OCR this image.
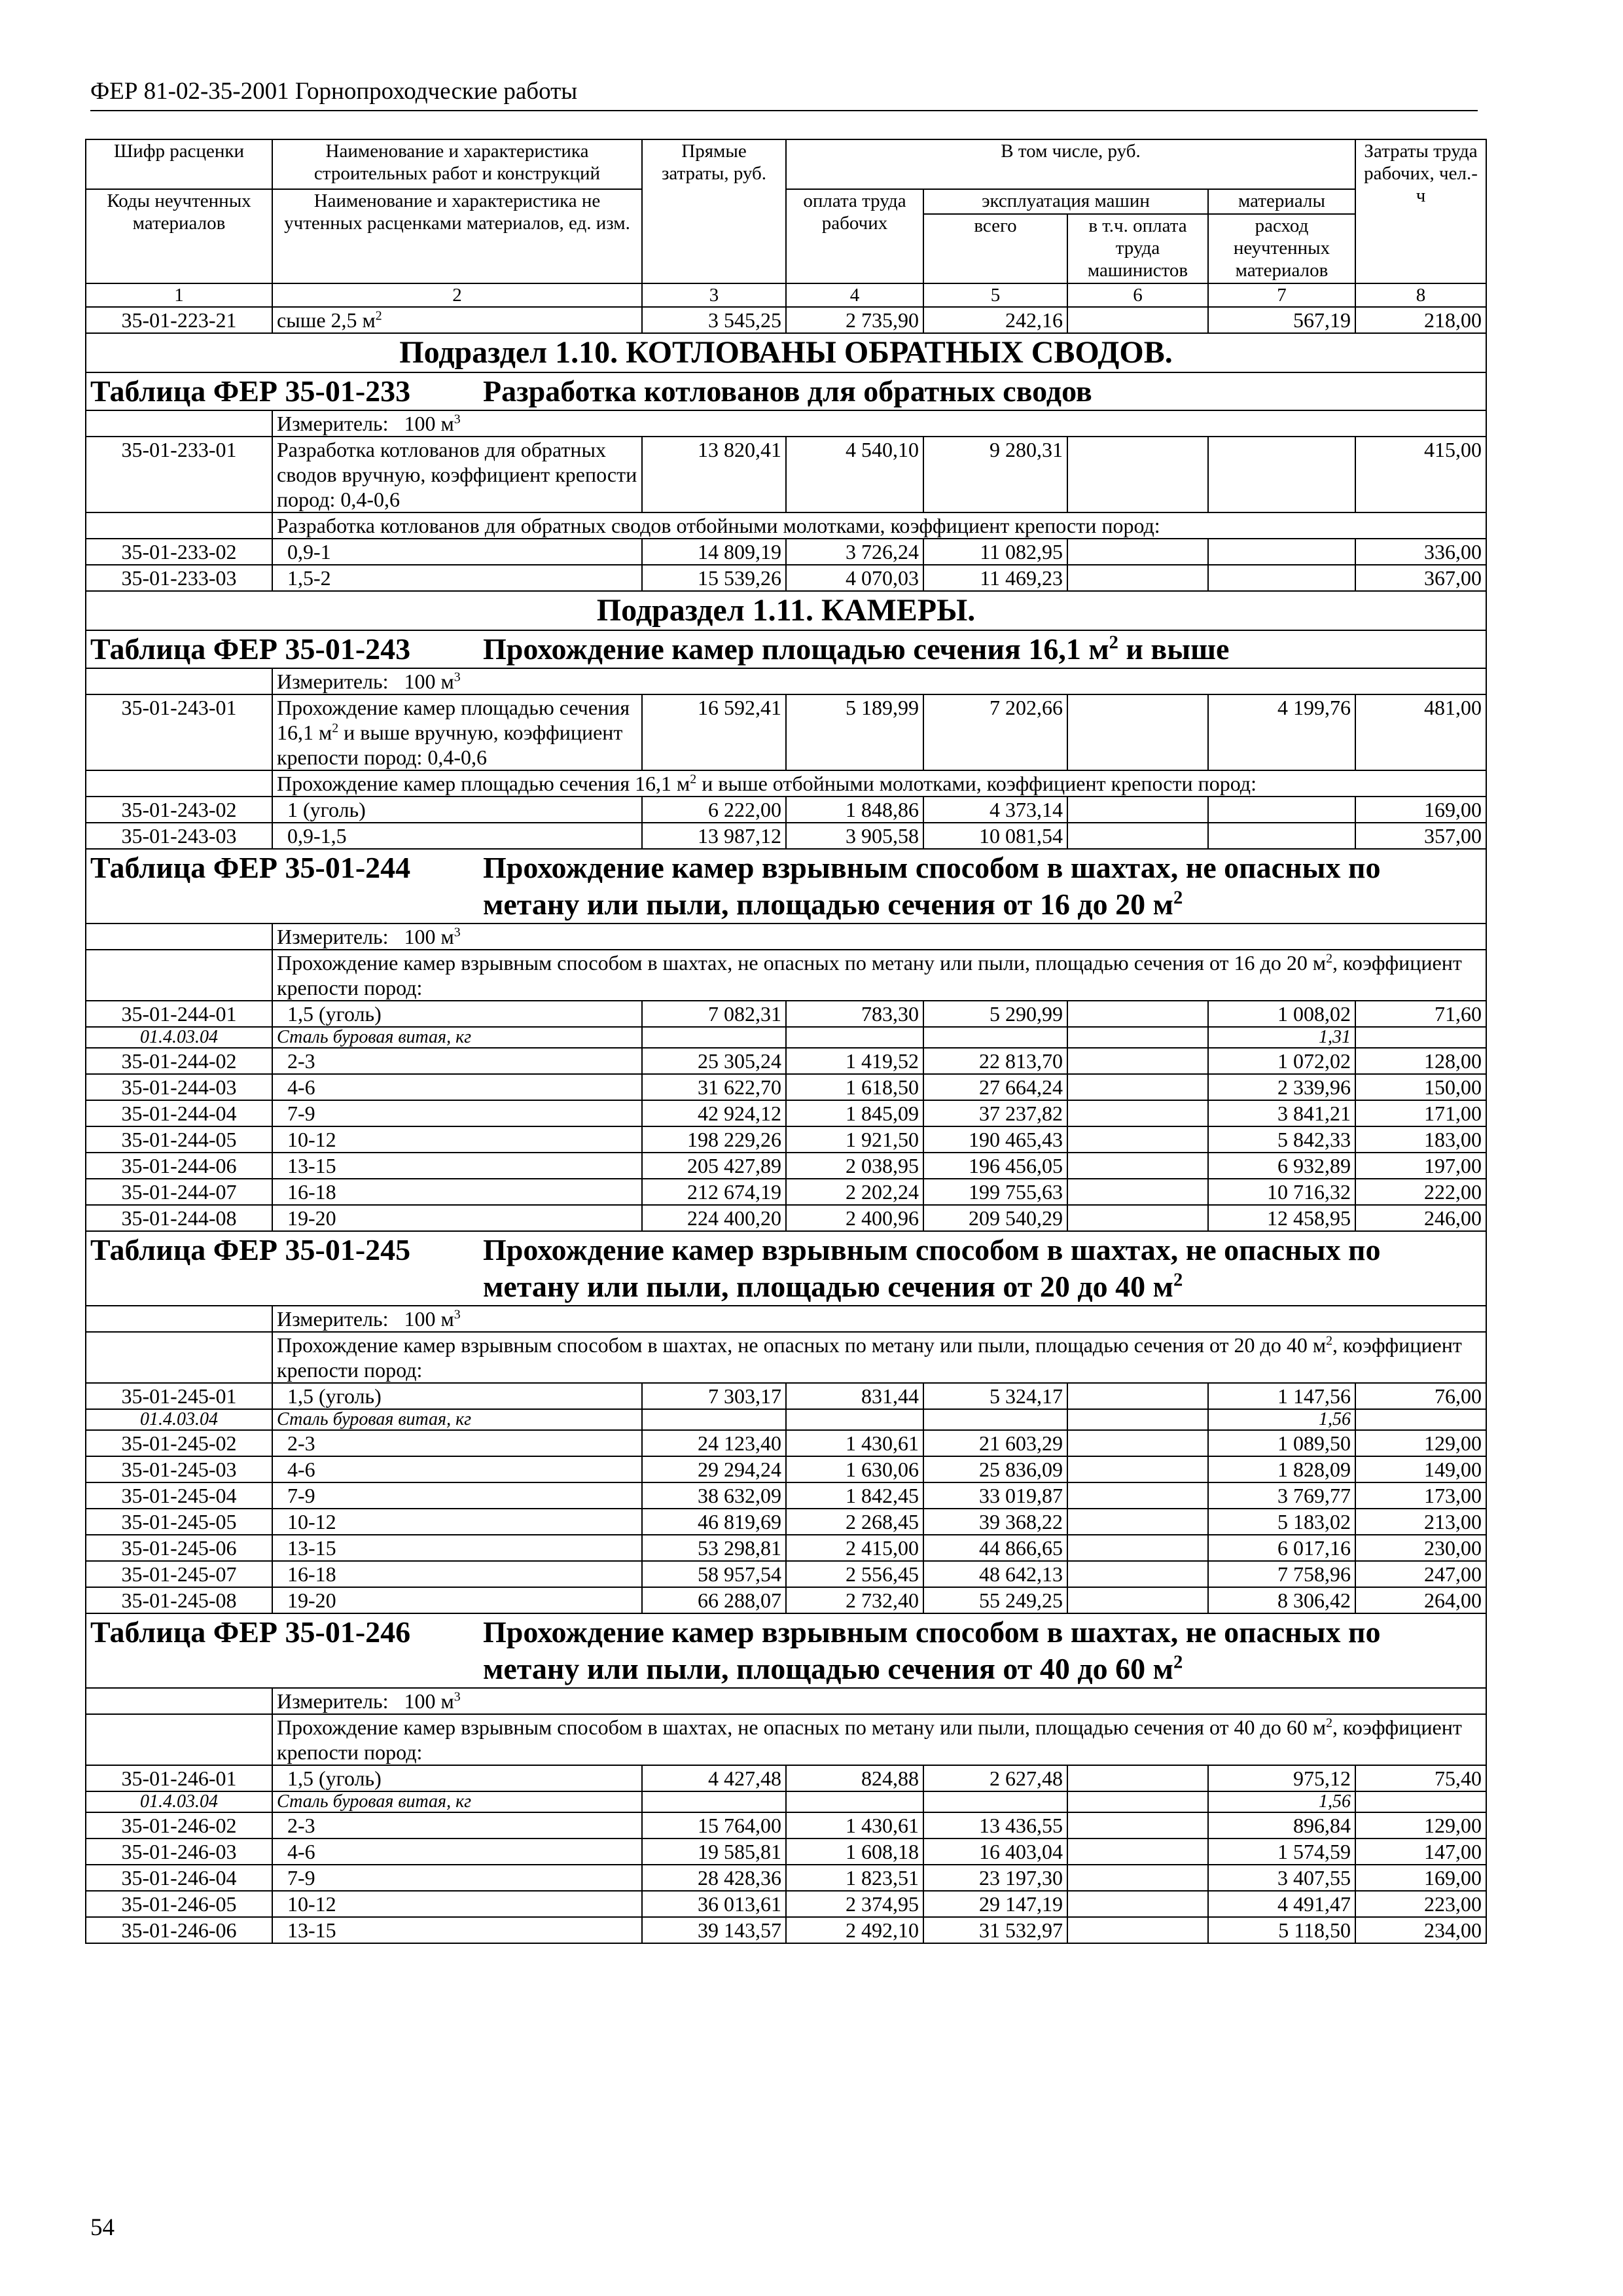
ФЕР 81-02-35-2001 Горнопроходческие работы
Шифр расценки	Наименование и характеристика строительных работ и конструкций	Прямые затраты, руб.	В том числе, руб.				Затраты труда рабочих, чел.-ч
Коды неучтенных материалов	Наименование и характеристика не учтенных расценками материалов, ед. изм.		оплата труда рабочих	эксплуатация машин		материалы	
				всего	в т.ч. оплата труда машинистов	расход неучтенных материалов	
1	2	3	4	5	6	7	8
35-01-223-21	сыше 2,5 $м^2$	3 545,25	2 735,90	242,16		567,19	218,00
Подраздел 1.10. КОТЛОВАНЫ ОБРАТНЫХ СВОДОВ.							
Таблица ФЕР 35-01-233 Разработка котлованов для обратных сводов							
	Измеритель: 100 $м^3$
35-01-233-01	Разработка котлованов для обратных сводов вручную, коэффициент крепости пород: 0,4-0,6	13 820,41	4 540,10	9 280,31			415,00
	Разработка котлованов для обратных сводов отбойными молотками, коэффициент крепости пород:						
35-01-233-02	0,9-1	14 809,19	3 726,24	11 082,95			336,00
35-01-233-03	1,5-2	15 539,26	4 070,03	11 469,23			367,00
Подраздел 1.11. КАМЕРЫ.							
Таблица ФЕР 35-01-243 Прохождение камер площадью сечения 16,1 $м^2$ и выше							
	Измеритель: 100 $м^3$
35-01-243-01	Прохождение камер площадью сечения 16,1 $м^2$ и выше вручную, коэффициент крепости пород: 0,4-0,6	16 592,41	5 189,99	7 202,66		4 199,76	481,00
	Прохождение камер площадью сечения 16,1 $м^2$ и выше отбойными молотками, коэффициент крепости пород:						
35-01-243-02	1 (уголь)	6 222,00	1 848,86	4 373,14			169,00
35-01-243-03	0,9-1,5	13 987,12	3 905,58	10 081,54			357,00
Таблица ФЕР 35-01-244 Прохождение камер взрывным способом в шахтах, не опасных по метану или пыли, площадью сечения от 16 до 20 $м^2$
	Измеритель: 100 $м^3$
	Прохождение камер взрывным способом в шахтах, не опасных по метану или пыли, площадью сечения от 16 до 20 $м^2$, коэффициент крепости пород:						
35-01-244-01	1,5 (уголь)	7 082,31	783,30	5 290,99		1 008,02	71,60
01.4.03.04	Сталь буровая витая, кг					1,31	
35-01-244-02	2-3	25 305,24	1 419,52	22 813,70		1 072,02	128,00
35-01-244-03	4-6	31 622,70	1 618,50	27 664,24		2 339,96	150,00
35-01-244-04	7-9	42 924,12	1 845,09	37 237,82		3 841,21	171,00
35-01-244-05	10-12	198 229,26	1 921,50	190 465,43		5 842,33	183,00
35-01-244-06	13-15	205 427,89	2 038,95	196 456,05		6 932,89	197,00
35-01-244-07	16-18	212 674,19	2 202,24	199 755,63		10 716,32	222,00
35-01-244-08	19-20	224 400,20	2 400,96	209 540,29		12 458,95	246,00
Таблица ФЕР 35-01-245 Прохождение камер взрывным способом в шахтах, не опасных по метану или пыли, площадью сечения от 20 до 40 $м^2$
	Измеритель: 100 $м^3$
	Прохождение камер взрывным способом в шахтах, не опасных по метану или пыли, площадью сечения от 20 до 40 $м^2$, коэффициент крепости пород:						
35-01-245-01	1,5 (уголь)	7 303,17	831,44	5 324,17		1 147,56	76,00
01.4.03.04	Сталь буровая витая, кг					1,56	
35-01-245-02	2-3	24 123,40	1 430,61	21 603,29		1 089,50	129,00
35-01-245-03	4-6	29 294,24	1 630,06	25 836,09		1 828,09	149,00
35-01-245-04	7-9	38 632,09	1 842,45	33 019,87		3 769,77	173,00
35-01-245-05	10-12	46 819,69	2 268,45	39 368,22		5 183,02	213,00
35-01-245-06	13-15	53 298,81	2 415,00	44 866,65		6 017,16	230,00
35-01-245-07	16-18	58 957,54	2 556,45	48 642,13		7 758,96	247,00
35-01-245-08	19-20	66 288,07	2 732,40	55 249,25		8 306,42	264,00
Таблица ФЕР 35-01-246 Прохождение камер взрывным способом в шахтах, не опасных по метану или пыли, площадью сечения от 40 до 60 $м^2$
	Измеритель: 100 $м^3$
	Прохождение камер взрывным способом в шахтах, не опасных по метану или пыли, площадью сечения от 40 до 60 $м^2$, коэффициент крепости пород:						
35-01-246-01	1,5 (уголь)	4 427,48	824,88	2 627,48		975,12	75,40
01.4.03.04	Сталь буровая витая, кг					1,56	
35-01-246-02	2-3	15 764,00	1 430,61	13 436,55		896,84	129,00
35-01-246-03	4-6	19 585,81	1 608,18	16 403,04		1 574,59	147,00
35-01-246-04	7-9	28 428,36	1 823,51	23 197,30		3 407,55	169,00
35-01-246-05	10-12	36 013,61	2 374,95	29 147,19		4 491,47	223,00
35-01-246-06	13-15	39 143,57	2 492,10	31 532,97		5 118,50	234,00
54
